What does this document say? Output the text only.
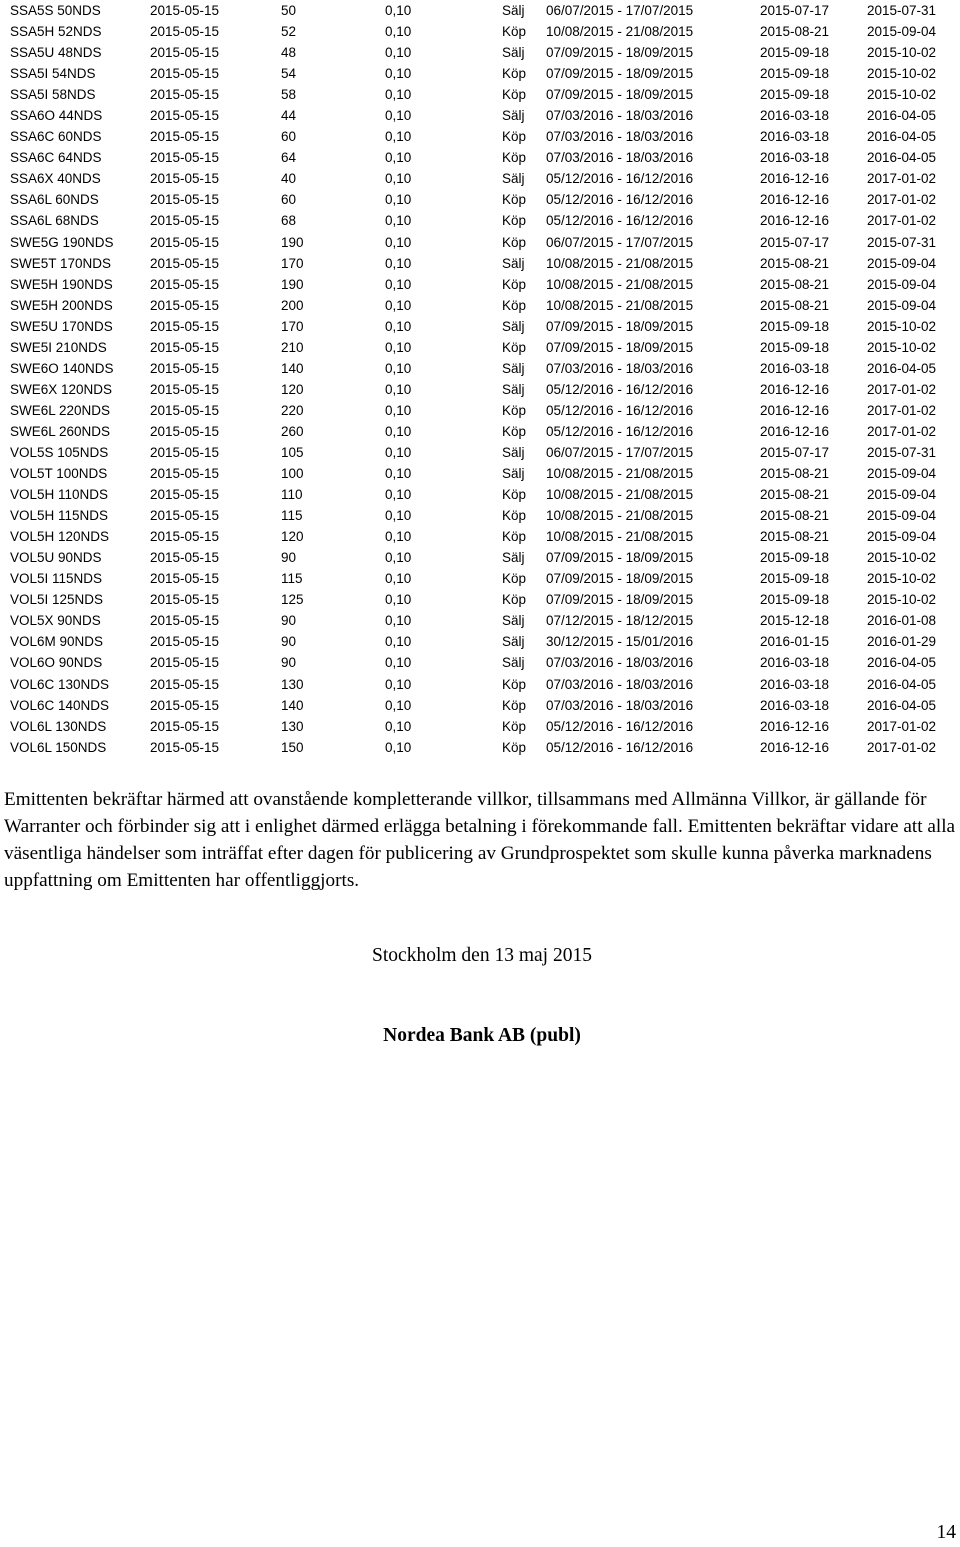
SSA5S 50NDS	2015-05-15	50	0,10	Sälj 06/07/2015 - 17/07/2015	2015-07-17	2015-07-31
SSA5H 52NDS	2015-05-15	52	0,10	Köp 10/08/2015 - 21/08/2015	2015-08-21	2015-09-04
SSA5U 48NDS	2015-05-15	48	0,10	Sälj 07/09/2015 - 18/09/2015	2015-09-18	2015-10-02
SSA5I 54NDS	2015-05-15	54	0,10	Köp 07/09/2015 - 18/09/2015	2015-09-18	2015-10-02
SSA5I 58NDS	2015-05-15	58	0,10	Köp 07/09/2015 - 18/09/2015	2015-09-18	2015-10-02
SSA6O 44NDS	2015-05-15	44	0,10	Sälj 07/03/2016 - 18/03/2016	2016-03-18	2016-04-05
SSA6C 60NDS	2015-05-15	60	0,10	Köp 07/03/2016 - 18/03/2016	2016-03-18	2016-04-05
SSA6C 64NDS	2015-05-15	64	0,10	Köp 07/03/2016 - 18/03/2016	2016-03-18	2016-04-05
SSA6X 40NDS	2015-05-15	40	0,10	Sälj 05/12/2016 - 16/12/2016	2016-12-16	2017-01-02
SSA6L 60NDS	2015-05-15	60	0,10	Köp 05/12/2016 - 16/12/2016	2016-12-16	2017-01-02
SSA6L 68NDS	2015-05-15	68	0,10	Köp 05/12/2016 - 16/12/2016	2016-12-16	2017-01-02
SWE5G 190NDS	2015-05-15	190	0,10	Köp 06/07/2015 - 17/07/2015	2015-07-17	2015-07-31
SWE5T 170NDS	2015-05-15	170	0,10	Sälj 10/08/2015 - 21/08/2015	2015-08-21	2015-09-04
SWE5H 190NDS	2015-05-15	190	0,10	Köp 10/08/2015 - 21/08/2015	2015-08-21	2015-09-04
SWE5H 200NDS	2015-05-15	200	0,10	Köp 10/08/2015 - 21/08/2015	2015-08-21	2015-09-04
SWE5U 170NDS	2015-05-15	170	0,10	Sälj 07/09/2015 - 18/09/2015	2015-09-18	2015-10-02
SWE5I 210NDS	2015-05-15	210	0,10	Köp 07/09/2015 - 18/09/2015	2015-09-18	2015-10-02
SWE6O 140NDS	2015-05-15	140	0,10	Sälj 07/03/2016 - 18/03/2016	2016-03-18	2016-04-05
SWE6X 120NDS	2015-05-15	120	0,10	Sälj 05/12/2016 - 16/12/2016	2016-12-16	2017-01-02
SWE6L 220NDS	2015-05-15	220	0,10	Köp 05/12/2016 - 16/12/2016	2016-12-16	2017-01-02
SWE6L 260NDS	2015-05-15	260	0,10	Köp 05/12/2016 - 16/12/2016	2016-12-16	2017-01-02
VOL5S 105NDS	2015-05-15	105	0,10	Sälj 06/07/2015 - 17/07/2015	2015-07-17	2015-07-31
VOL5T 100NDS	2015-05-15	100	0,10	Sälj 10/08/2015 - 21/08/2015	2015-08-21	2015-09-04
VOL5H 110NDS	2015-05-15	110	0,10	Köp 10/08/2015 - 21/08/2015	2015-08-21	2015-09-04
VOL5H 115NDS	2015-05-15	115	0,10	Köp 10/08/2015 - 21/08/2015	2015-08-21	2015-09-04
VOL5H 120NDS	2015-05-15	120	0,10	Köp 10/08/2015 - 21/08/2015	2015-08-21	2015-09-04
VOL5U 90NDS	2015-05-15	90	0,10	Sälj 07/09/2015 - 18/09/2015	2015-09-18	2015-10-02
VOL5I 115NDS	2015-05-15	115	0,10	Köp 07/09/2015 - 18/09/2015	2015-09-18	2015-10-02
VOL5I 125NDS	2015-05-15	125	0,10	Köp 07/09/2015 - 18/09/2015	2015-09-18	2015-10-02
VOL5X 90NDS	2015-05-15	90	0,10	Sälj 07/12/2015 - 18/12/2015	2015-12-18	2016-01-08
VOL6M 90NDS	2015-05-15	90	0,10	Sälj 30/12/2015 - 15/01/2016	2016-01-15	2016-01-29
VOL6O 90NDS	2015-05-15	90	0,10	Sälj 07/03/2016 - 18/03/2016	2016-03-18	2016-04-05
VOL6C 130NDS	2015-05-15	130	0,10	Köp 07/03/2016 - 18/03/2016	2016-03-18	2016-04-05
VOL6C 140NDS	2015-05-15	140	0,10	Köp 07/03/2016 - 18/03/2016	2016-03-18	2016-04-05
VOL6L 130NDS	2015-05-15	130	0,10	Köp 05/12/2016 - 16/12/2016	2016-12-16	2017-01-02
VOL6L 150NDS	2015-05-15	150	0,10	Köp 05/12/2016 - 16/12/2016	2016-12-16	2017-01-02

Emittenten bekräftar härmed att ovanstående kompletterande villkor, tillsammans med Allmänna Villkor, är gällande för Warranter och förbinder sig att i enlighet därmed erlägga betalning i förekommande fall. Emittenten bekräftar vidare att alla väsentliga händelser som inträffat efter dagen för publicering av Grundprospektet som skulle kunna påverka marknadens uppfattning om Emittenten har offentliggjorts.

Stockholm den 13 maj 2015

Nordea Bank AB (publ)

14
